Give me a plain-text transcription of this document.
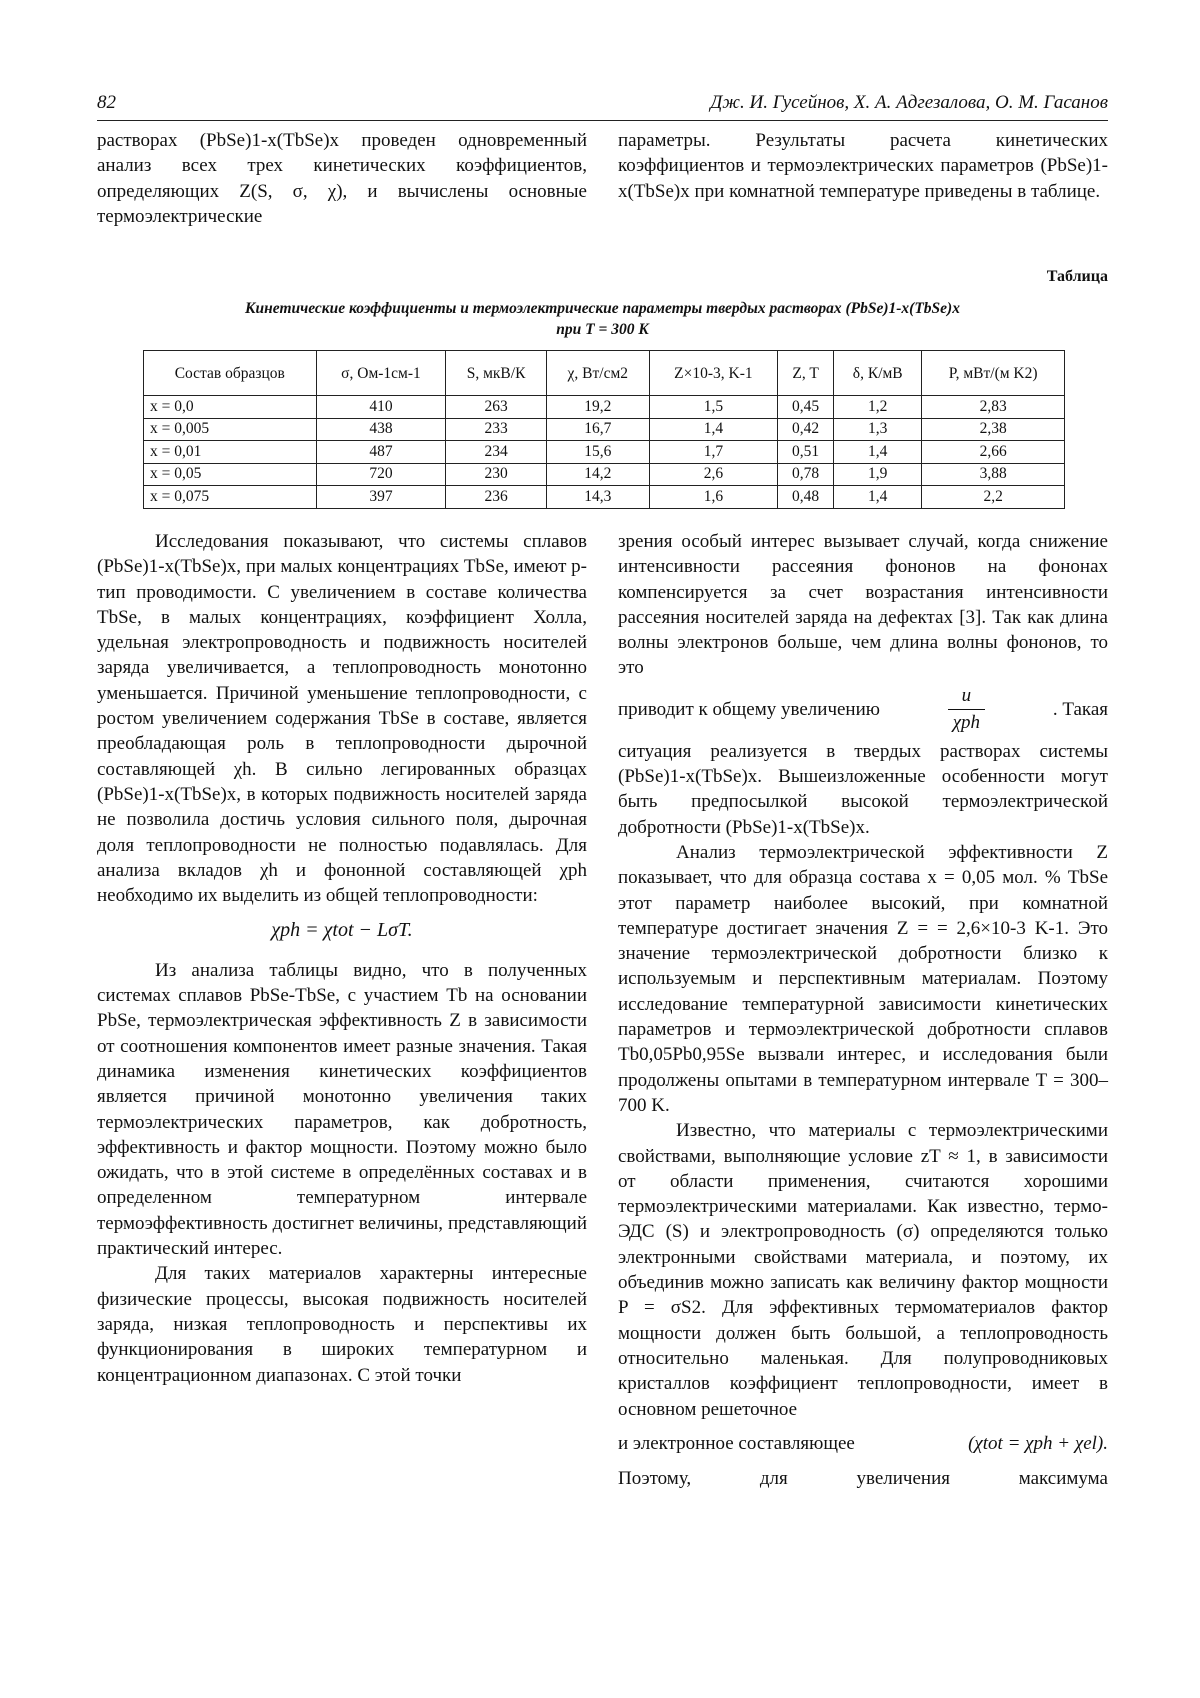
82	Дж. И. Гусейнов, Х. А. Адгезалова, О. М. Гасанов

растворах (PbSe)1-x(TbSe)x проведен одновременный анализ всех трех кинетических коэффициентов, определяющих Z(S, σ, χ), и вычислены основные термоэлектрические

параметры. Результаты расчета кинетических коэффициентов и термоэлектрических параметров (PbSe)1-x(TbSe)x при комнатной температуре приведены в таблице.

Таблица
Кинетические коэффициенты и термоэлектрические параметры твердых растворах (PbSe)1-x(TbSe)x
при T = 300 K
Состав образцов	σ, Ом-1см-1	S, мкВ/К	χ, Вт/см2	Z×10-3, K-1	Z, T	δ, К/мВ	P, мВт/(м K2)
x = 0,0	410	263	19,2	1,5	0,45	1,2	2,83
x = 0,005	438	233	16,7	1,4	0,42	1,3	2,38
x = 0,01	487	234	15,6	1,7	0,51	1,4	2,66
x = 0,05	720	230	14,2	2,6	0,78	1,9	3,88
x = 0,075	397	236	14,3	1,6	0,48	1,4	2,2

Исследования показывают, что системы сплавов (PbSe)1-x(TbSe)x, при малых концентрациях TbSe, имеют p-тип проводимости. С увеличением в составе количества TbSe, в малых концентрациях, коэффициент Холла, удельная электропроводность и подвижность носителей заряда увеличивается, а теплопроводность монотонно уменьшается. Причиной уменьшение теплопроводности, с ростом увеличением содержания TbSe в составе, является преобладающая роль в теплопроводности дырочной составляющей χh. В сильно легированных образцах (PbSe)1-x(TbSe)x, в которых подвижность носителей заряда не позволила достичь условия сильного поля, дырочная доля теплопроводности не полностью подавлялась. Для анализа вкладов χh и фононной составляющей χph необходимо их выделить из общей теплопроводности:

χph = χtot − LσT.

Из анализа таблицы видно, что в полученных системах сплавов PbSe-TbSe, с участием Tb на основании PbSe, термоэлектрическая эффективность Z в зависимости от соотношения компонентов имеет разные значения. Такая динамика изменения кинетических коэффициентов является причиной монотонно увеличения таких термоэлектрических параметров, как добротность, эффективность и фактор мощности. Поэтому можно было ожидать, что в этой системе в определённых составах и в определенном температурном интервале термоэффективность достигнет величины, представляющий практический интерес.

Для таких материалов характерны интересные физические процессы, высокая подвижность носителей заряда, низкая теплопроводность и перспективы их функционирования в широких температурном и концентрационном диапазонах. С этой точки

зрения особый интерес вызывает случай, когда снижение интенсивности рассеяния фононов на фононах компенсируется за счет возрастания интенсивности рассеяния носителей заряда на дефектах [3]. Так как длина волны электронов больше, чем длина волны фононов, то это

приводит к общему увеличению	$\frac{u}{\text{χph}}$	. Такая

ситуация реализуется в твердых растворах системы (PbSe)1-x(TbSe)x. Вышеизложенные особенности могут быть предпосылкой высокой термоэлектрической добротности (PbSe)1-x(TbSe)x.

Анализ термоэлектрической эффективности Z показывает, что для образца состава x = 0,05 мол. % TbSe этот параметр наиболее высокий, при комнатной температуре достигает значения Z = = 2,6×10-3 K-1. Это значение термоэлектрической добротности близко к используемым и перспективным материалам. Поэтому исследование температурной зависимости кинетических параметров и термоэлектрической добротности сплавов Tb0,05Pb0,95Se вызвали интерес, и исследования были продолжены опытами в температурном интервале T = 300–700 K.

Известно, что материалы с термоэлектрическими свойствами, выполняющие условие zT ≈ 1, в зависимости от области применения, считаются хорошими термоэлектрическими материалами. Как известно, термо-ЭДС (S) и электропроводность (σ) определяются только электронными свойствами материала, и поэтому, их объединив можно записать как величину фактор мощности P = σS2. Для эффективных термоматериалов фактор мощности должен быть большой, а теплопроводность относительно маленькая. Для полупроводниковых кристаллов коэффициент теплопроводности, имеет в основном решеточное

и электронное составляющее	(χtot = χph + χel).

Поэтому, для увеличения максимума
